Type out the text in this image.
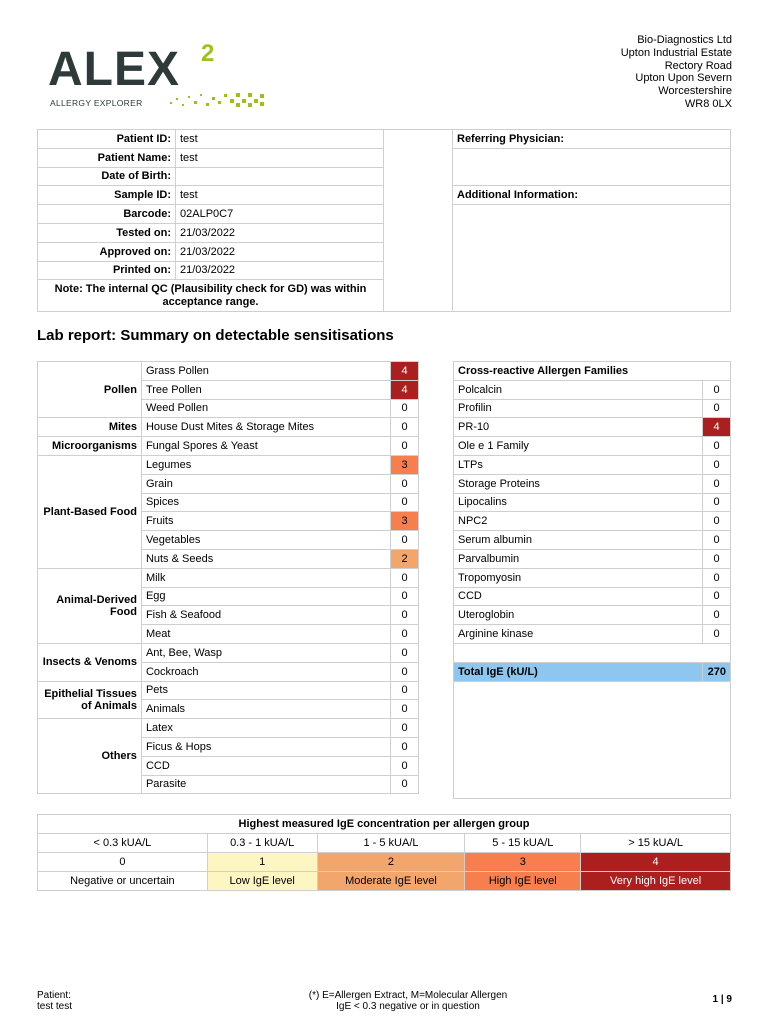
ALEX 2
ALLERGY EXPLORER
Bio-Diagnostics Ltd
Upton Industrial Estate
Rectory Road
Upton Upon Severn
Worcestershire
WR8 0LX
Patient ID:	test		Referring Physician:
Patient Name:	test		
Date of Birth:			
Sample ID:	test		Additional Information:
Barcode:	02ALP0C7		
Tested on:	21/03/2022		
Approved on:	21/03/2022		
Printed on:	21/03/2022		
Note: The internal QC (Plausibility check for GD) was within acceptance range.			
Lab report: Summary on detectable sensitisations
Pollen	Grass Pollen	4
	Tree Pollen	4
	Weed Pollen	0
Mites	House Dust Mites & Storage Mites	0
Microorganisms	Fungal Spores & Yeast	0
Plant-Based Food	Legumes	3
	Grain	0
	Spices	0
	Fruits	3
	Vegetables	0
	Nuts & Seeds	2
Animal-Derived Food	Milk	0
	Egg	0
	Fish & Seafood	0
	Meat	0
Insects & Venoms	Ant, Bee, Wasp	0
	Cockroach	0
Epithelial Tissues of Animals	Pets	0
	Animals	0
Others	Latex	0
	Ficus & Hops	0
	CCD	0
	Parasite	0
Cross-reactive Allergen Families	
Polcalcin	0
Profilin	0
PR-10	4
Ole e 1 Family	0
LTPs	0
Storage Proteins	0
Lipocalins	0
NPC2	0
Serum albumin	0
Parvalbumin	0
Tropomyosin	0
CCD	0
Uteroglobin	0
Arginine kinase	0

Total IgE (kU/L)	270
Highest measured IgE concentration per allergen group				
< 0.3 kUA/L	0.3 - 1 kUA/L	1 - 5 kUA/L	5 - 15 kUA/L	> 15 kUA/L
0	1	2	3	4
Negative or uncertain	Low IgE level	Moderate IgE level	High IgE level	Very high IgE level
Patient:
test test
(*) E=Allergen Extract, M=Molecular Allergen
IgE < 0.3 negative or in question
1 | 9
